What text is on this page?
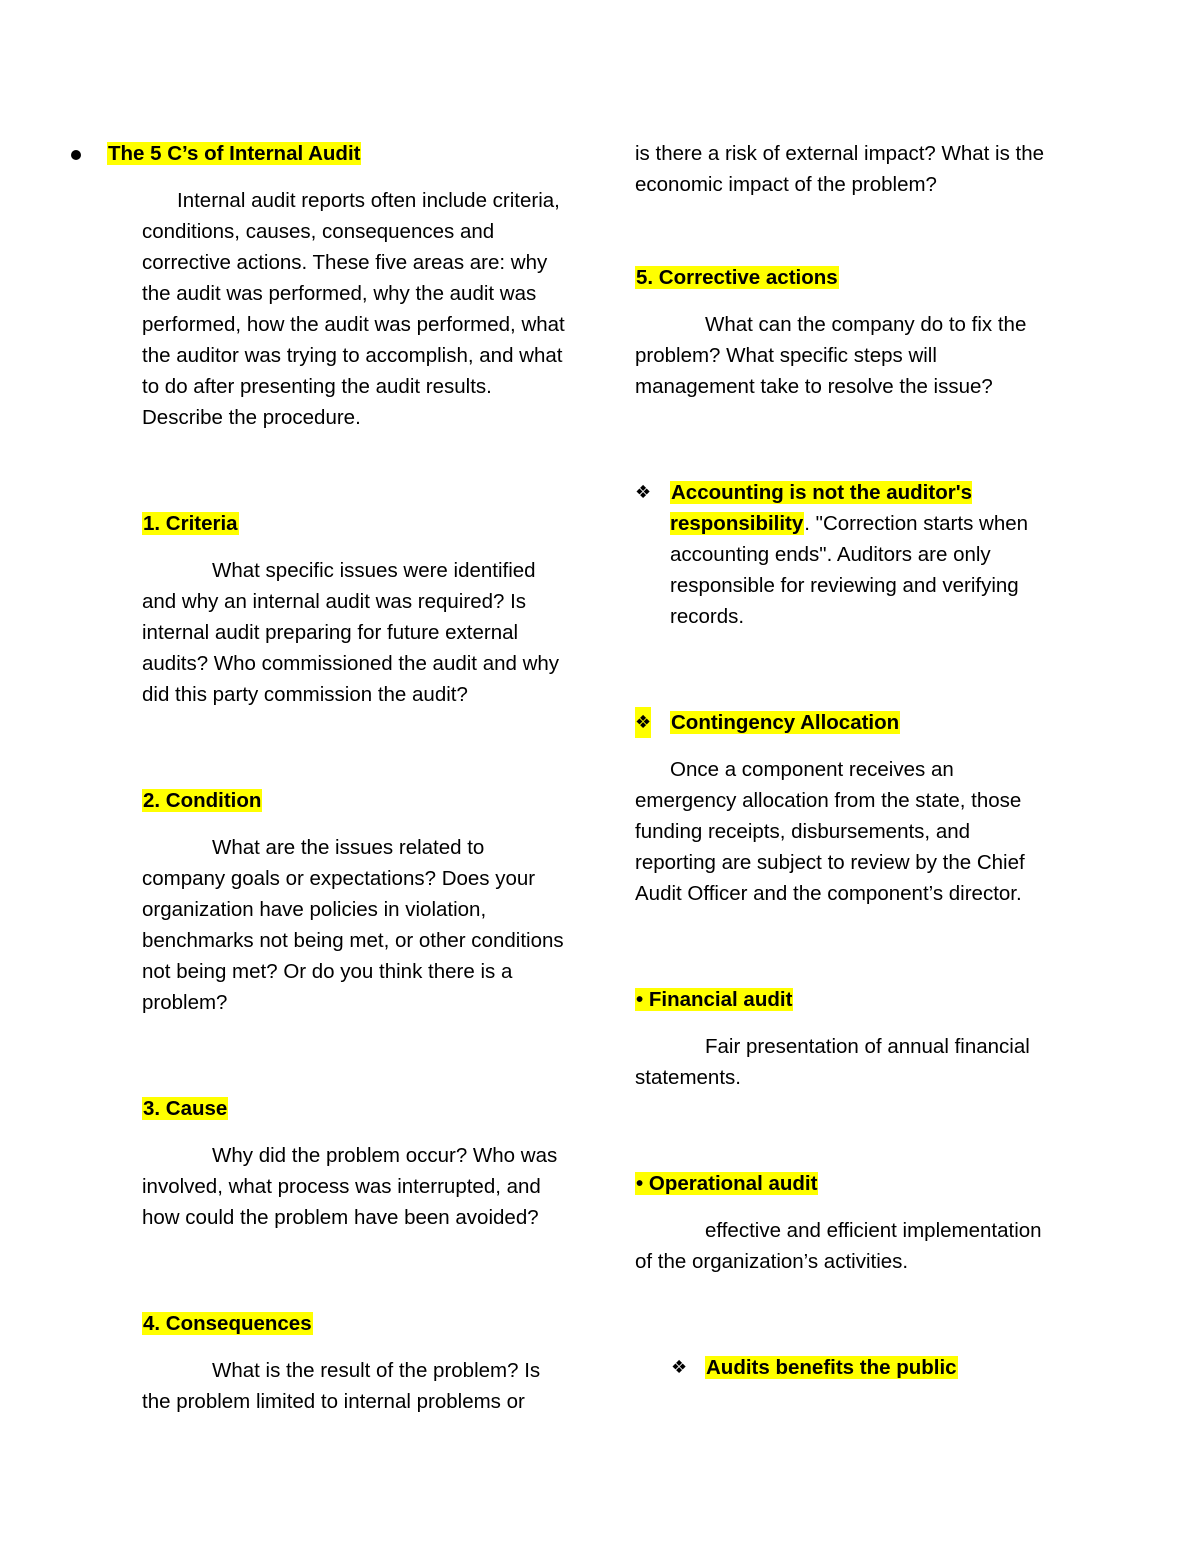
The 5 C’s of Internal Audit

Internal audit reports often include criteria, conditions, causes, consequences and corrective actions. These five areas are: why the audit was performed, why the audit was performed, how the audit was performed, what the auditor was trying to accomplish, and what to do after presenting the audit results. Describe the procedure.

1. Criteria

What specific issues were identified and why an internal audit was required? Is internal audit preparing for future external audits? Who commissioned the audit and why did this party commission the audit?

2. Condition

What are the issues related to company goals or expectations? Does your organization have policies in violation, benchmarks not being met, or other conditions not being met? Or do you think there is a problem?

3. Cause

Why did the problem occur? Who was involved, what process was interrupted, and how could the problem have been avoided?

4. Consequences

What is the result of the problem? Is the problem limited to internal problems or

is there a risk of external impact? What is the economic impact of the problem?

5. Corrective actions

What can the company do to fix the problem? What specific steps will management take to resolve the issue?

❖ Accounting is not the auditor's responsibility. "Correction starts when accounting ends". Auditors are only responsible for reviewing and verifying records.
❖ Contingency Allocation

Once a component receives an emergency allocation from the state, those funding receipts, disbursements, and reporting are subject to review by the Chief Audit Officer and the component’s director.

• Financial audit

Fair presentation of annual financial statements.

• Operational audit

effective and efficient implementation of the organization’s activities.

❖ Audits benefits the public
